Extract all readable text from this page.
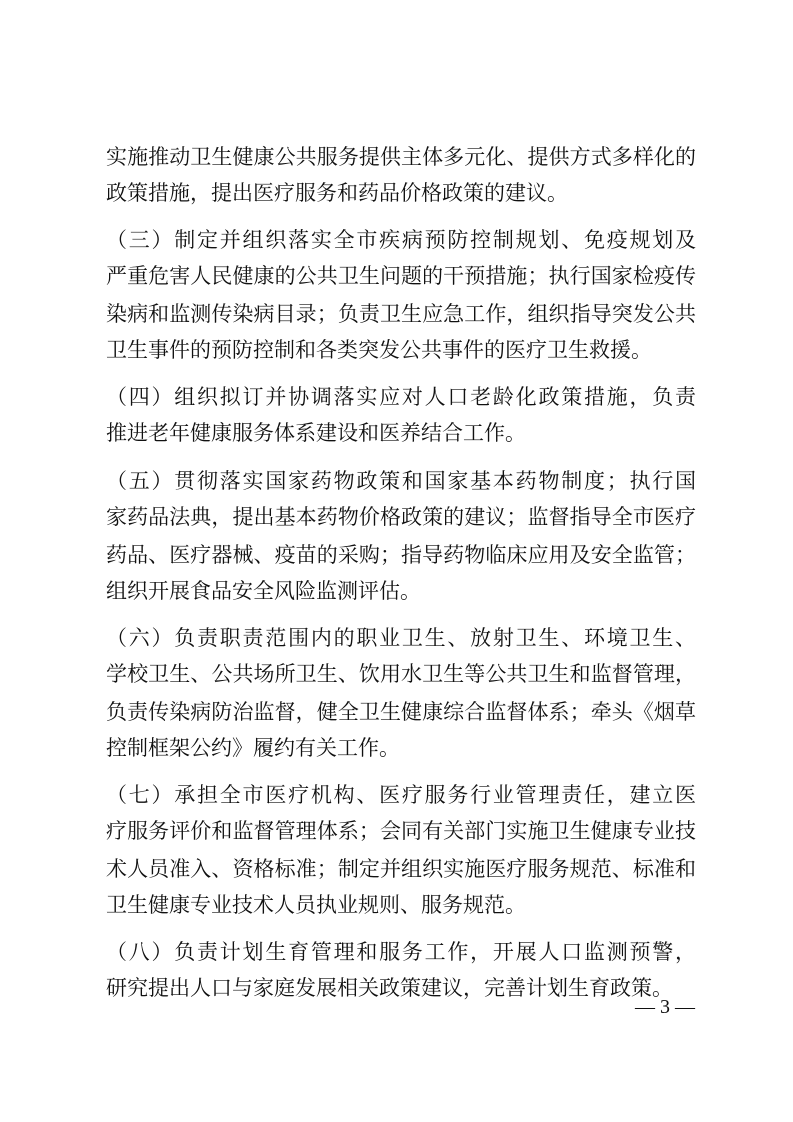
实施推动卫生健康公共服务提供主体多元化、提供方式多样化的
政策措施，提出医疗服务和药品价格政策的建议。
（三）制定并组织落实全市疾病预防控制规划、免疫规划及
严重危害人民健康的公共卫生问题的干预措施；执行国家检疫传
染病和监测传染病目录；负责卫生应急工作，组织指导突发公共
卫生事件的预防控制和各类突发公共事件的医疗卫生救援。
（四）组织拟订并协调落实应对人口老龄化政策措施，负责
推进老年健康服务体系建设和医养结合工作。
（五）贯彻落实国家药物政策和国家基本药物制度；执行国
家药品法典，提出基本药物价格政策的建议；监督指导全市医疗
药品、医疗器械、疫苗的采购；指导药物临床应用及安全监管；
组织开展食品安全风险监测评估。
（六）负责职责范围内的职业卫生、放射卫生、环境卫生、
学校卫生、公共场所卫生、饮用水卫生等公共卫生和监督管理，
负责传染病防治监督，健全卫生健康综合监督体系；牵头《烟草
控制框架公约》履约有关工作。
（七）承担全市医疗机构、医疗服务行业管理责任，建立医
疗服务评价和监督管理体系；会同有关部门实施卫生健康专业技
术人员准入、资格标准；制定并组织实施医疗服务规范、标准和
卫生健康专业技术人员执业规则、服务规范。
（八）负责计划生育管理和服务工作，开展人口监测预警，
研究提出人口与家庭发展相关政策建议，完善计划生育政策。
— 3 —
